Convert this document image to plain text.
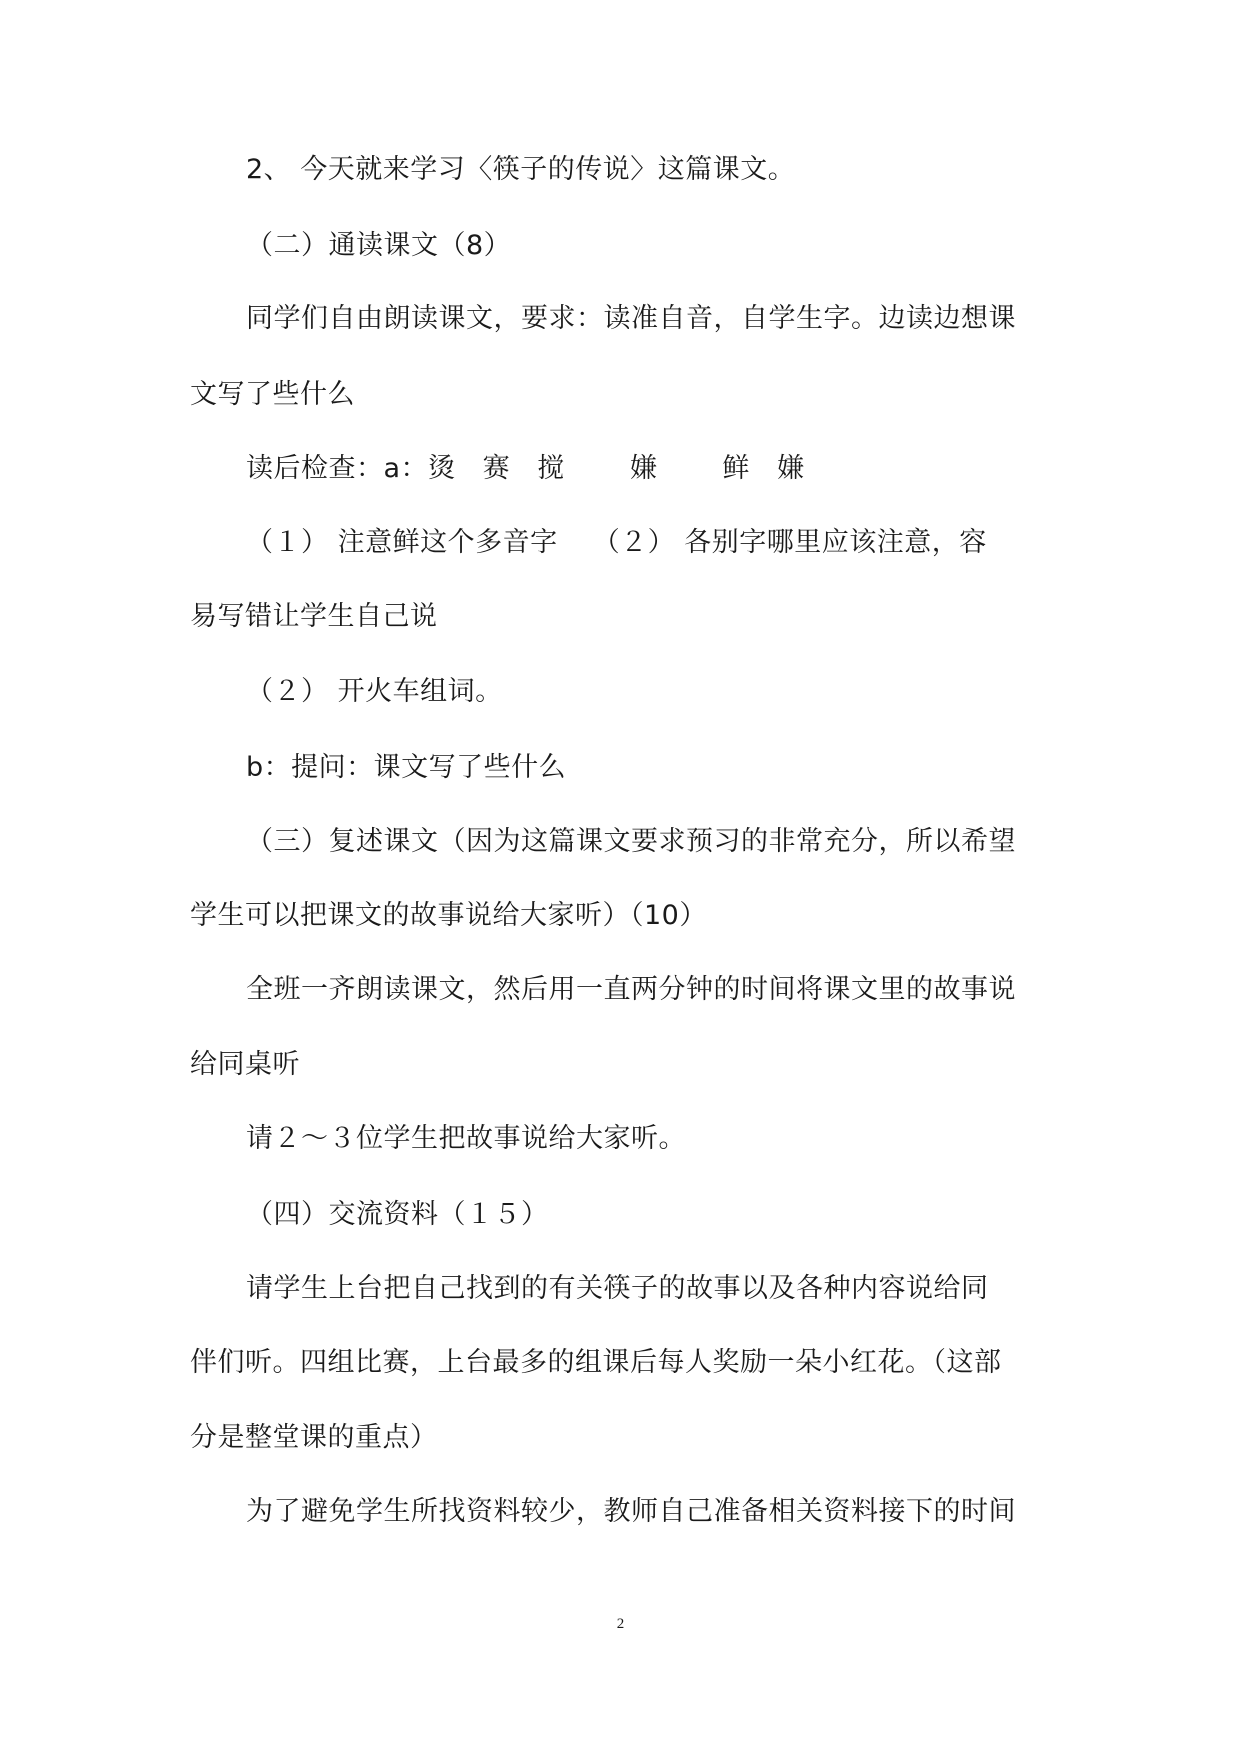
2、 今天就来学习〈筷子的传说〉这篇课文。
（二）通读课文（8）
同学们自由朗读课文，要求：读准自音，自学生字。边读边想课
文写了些什么
读后检查：a：烫 赛 搅 嫌 鲜 嫌
（１） 注意鲜这个多音字 （２） 各别字哪里应该注意，容
易写错让学生自己说
（２） 开火车组词。
b：提问：课文写了些什么
（三）复述课文（因为这篇课文要求预习的非常充分，所以希望
学生可以把课文的故事说给大家听）（10）
全班一齐朗读课文，然后用一直两分钟的时间将课文里的故事说
给同桌听
请２～３位学生把故事说给大家听。
（四）交流资料（１５）
请学生上台把自己找到的有关筷子的故事以及各种内容说给同
伴们听。四组比赛，上台最多的组课后每人奖励一朵小红花。（这部
分是整堂课的重点）
为了避免学生所找资料较少，教师自己准备相关资料接下的时间
2
